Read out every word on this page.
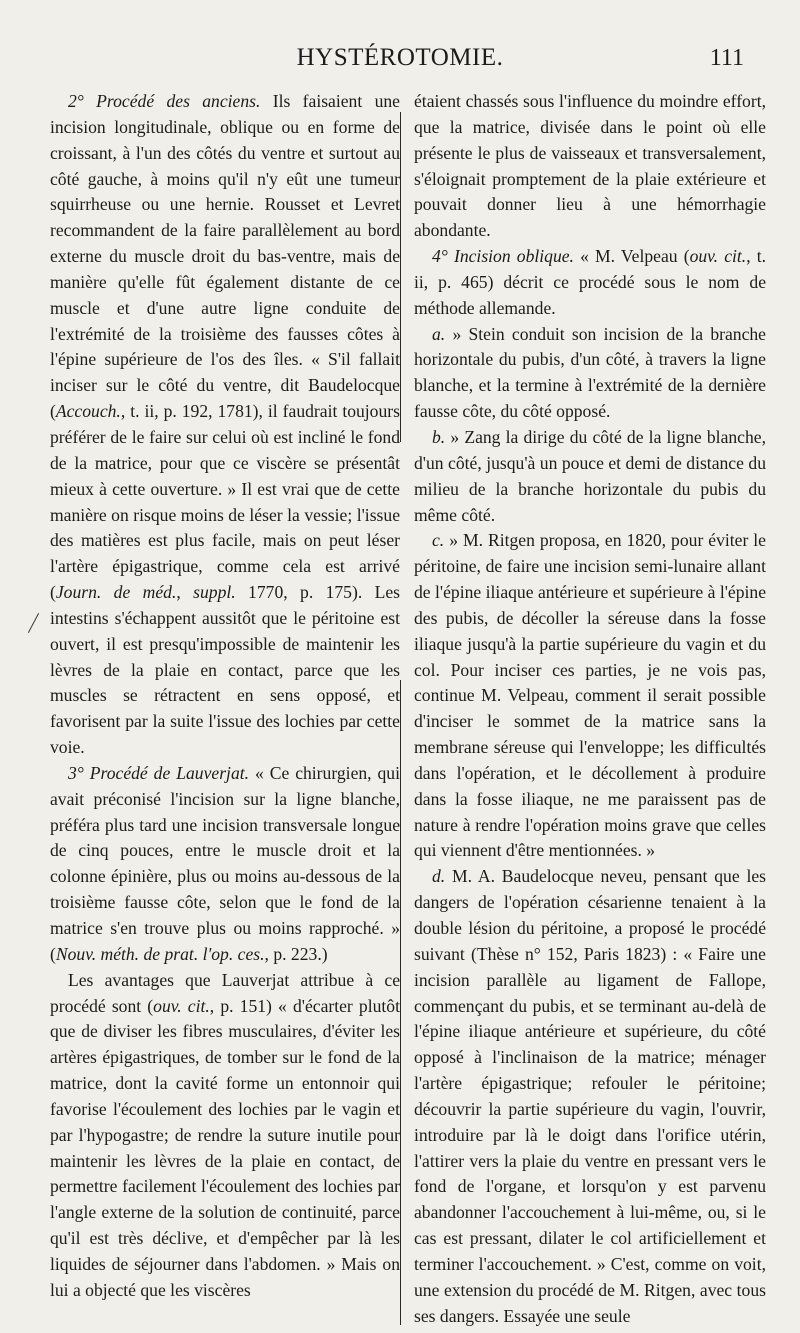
HYSTÉROTOMIE.	111

2° Procédé des anciens. Ils faisaient une incision longitudinale, oblique ou en forme de croissant, à l'un des côtés du ventre et surtout au côté gauche, à moins qu'il n'y eût une tumeur squirrheuse ou une hernie. Rousset et Levret recommandent de la faire parallèlement au bord externe du muscle droit du bas-ventre, mais de manière qu'elle fût également distante de ce muscle et d'une autre ligne conduite de l'extrémité de la troisième des fausses côtes à l'épine supérieure de l'os des îles. « S'il fallait inciser sur le côté du ventre, dit Baudelocque (Accouch., t. ii, p. 192, 1781), il faudrait toujours préférer de le faire sur celui où est incliné le fond de la matrice, pour que ce viscère se présentât mieux à cette ouverture. » Il est vrai que de cette manière on risque moins de léser la vessie; l'issue des matières est plus facile, mais on peut léser l'artère épigastrique, comme cela est arrivé (Journ. de méd., suppl. 1770, p. 175). Les intestins s'échappent aussitôt que le péritoine est ouvert, il est presqu'impossible de maintenir les lèvres de la plaie en contact, parce que les muscles se rétractent en sens opposé, et favorisent par la suite l'issue des lochies par cette voie.

3° Procédé de Lauverjat. « Ce chirurgien, qui avait préconisé l'incision sur la ligne blanche, préféra plus tard une incision transversale longue de cinq pouces, entre le muscle droit et la colonne épinière, plus ou moins au-dessous de la troisième fausse côte, selon que le fond de la matrice s'en trouve plus ou moins rapproché. » (Nouv. méth. de prat. l'op. ces., p. 223.)

Les avantages que Lauverjat attribue à ce procédé sont (ouv. cit., p. 151) « d'écarter plutôt que de diviser les fibres musculaires, d'éviter les artères épigastriques, de tomber sur le fond de la matrice, dont la cavité forme un entonnoir qui favorise l'écoulement des lochies par le vagin et par l'hypogastre; de rendre la suture inutile pour maintenir les lèvres de la plaie en contact, de permettre facilement l'écoulement des lochies par l'angle externe de la solution de continuité, parce qu'il est très déclive, et d'empêcher par là les liquides de séjourner dans l'abdomen. » Mais on lui a objecté que les viscères

étaient chassés sous l'influence du moindre effort, que la matrice, divisée dans le point où elle présente le plus de vaisseaux et transversalement, s'éloignait promptement de la plaie extérieure et pouvait donner lieu à une hémorrhagie abondante.

4° Incision oblique. « M. Velpeau (ouv. cit., t. ii, p. 465) décrit ce procédé sous le nom de méthode allemande.

a. » Stein conduit son incision de la branche horizontale du pubis, d'un côté, à travers la ligne blanche, et la termine à l'extrémité de la dernière fausse côte, du côté opposé.

b. » Zang la dirige du côté de la ligne blanche, d'un côté, jusqu'à un pouce et demi de distance du milieu de la branche horizontale du pubis du même côté.

c. » M. Ritgen proposa, en 1820, pour éviter le péritoine, de faire une incision semi-lunaire allant de l'épine iliaque antérieure et supérieure à l'épine des pubis, de décoller la séreuse dans la fosse iliaque jusqu'à la partie supérieure du vagin et du col. Pour inciser ces parties, je ne vois pas, continue M. Velpeau, comment il serait possible d'inciser le sommet de la matrice sans la membrane séreuse qui l'enveloppe; les difficultés dans l'opération, et le décollement à produire dans la fosse iliaque, ne me paraissent pas de nature à rendre l'opération moins grave que celles qui viennent d'être mentionnées. »

d. M. A. Baudelocque neveu, pensant que les dangers de l'opération césarienne tenaient à la double lésion du péritoine, a proposé le procédé suivant (Thèse n° 152, Paris 1823) : « Faire une incision parallèle au ligament de Fallope, commençant du pubis, et se terminant au-delà de l'épine iliaque antérieure et supérieure, du côté opposé à l'inclinaison de la matrice; ménager l'artère épigastrique; refouler le péritoine; découvrir la partie supérieure du vagin, l'ouvrir, introduire par là le doigt dans l'orifice utérin, l'attirer vers la plaie du ventre en pressant vers le fond de l'organe, et lorsqu'on y est parvenu abandonner l'accouchement à lui-même, ou, si le cas est pressant, dilater le col artificiellement et terminer l'accouchement. » C'est, comme on voit, une extension du procédé de M. Ritgen, avec tous ses dangers. Essayée une seule
